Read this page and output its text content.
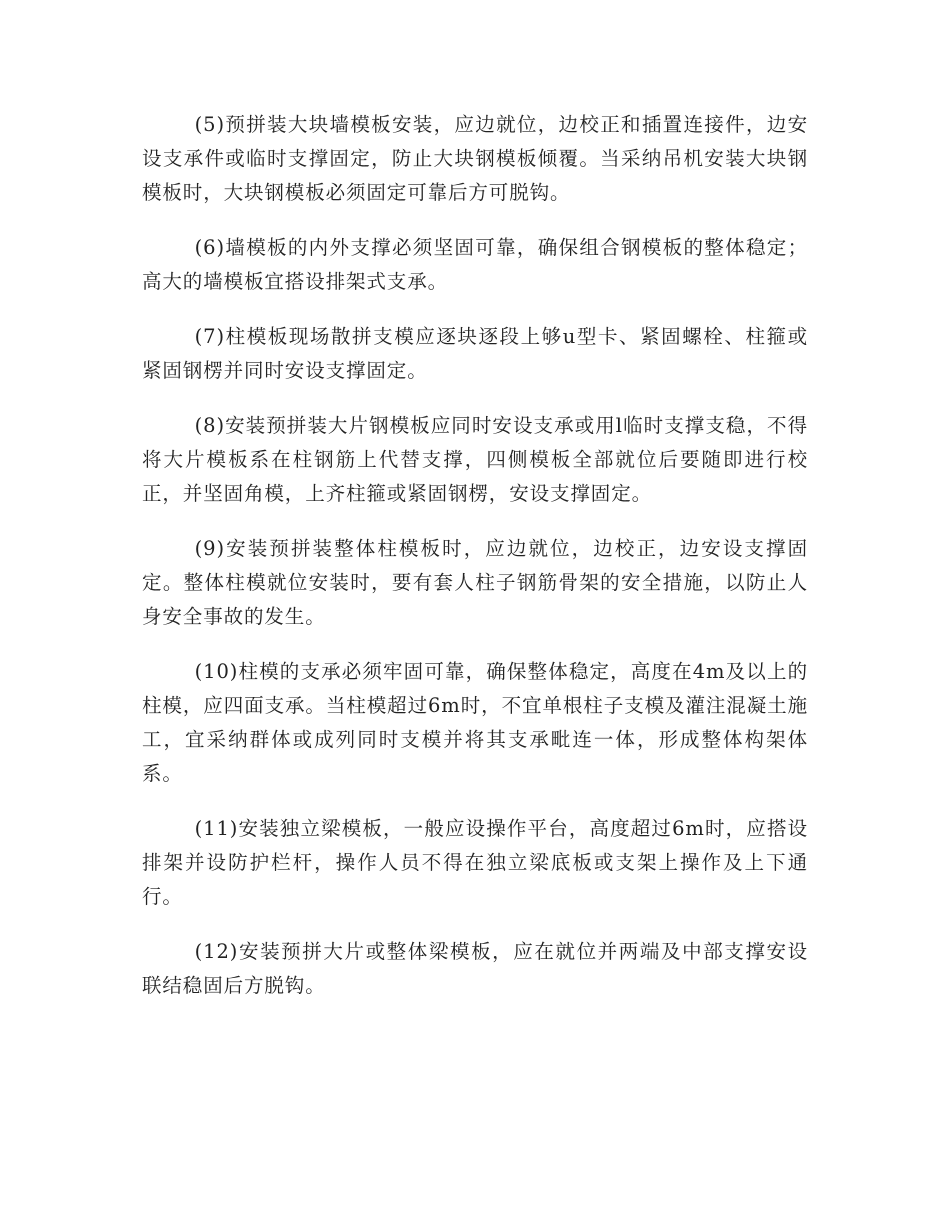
(5)预拼装大块墙模板安装，应边就位，边校正和插置连接件，边安设支承件或临时支撑固定，防止大块钢模板倾覆。当采纳吊机安装大块钢模板时，大块钢模板必须固定可靠后方可脱钩。

(6)墙模板的内外支撑必须坚固可靠，确保组合钢模板的整体稳定；高大的墙模板宜搭设排架式支承。

(7)柱模板现场散拼支模应逐块逐段上够u型卡、紧固螺栓、柱箍或紧固钢楞并同时安设支撑固定。

(8)安装预拼装大片钢模板应同时安设支承或用l临时支撑支稳，不得将大片模板系在柱钢筋上代替支撑，四侧模板全部就位后要随即进行校正，并坚固角模，上齐柱箍或紧固钢楞，安设支撑固定。

(9)安装预拼装整体柱模板时，应边就位，边校正，边安设支撑固定。整体柱模就位安装时，要有套人柱子钢筋骨架的安全措施，以防止人身安全事故的发生。

(10)柱模的支承必须牢固可靠，确保整体稳定，高度在4m及以上的柱模，应四面支承。当柱模超过6m时，不宜单根柱子支模及灌注混凝土施工，宜采纳群体或成列同时支模并将其支承毗连一体，形成整体构架体系。

(11)安装独立梁模板，一般应设操作平台，高度超过6m时，应搭设排架并设防护栏杆，操作人员不得在独立梁底板或支架上操作及上下通行。

(12)安装预拼大片或整体梁模板，应在就位并两端及中部支撑安设联结稳固后方脱钩。
